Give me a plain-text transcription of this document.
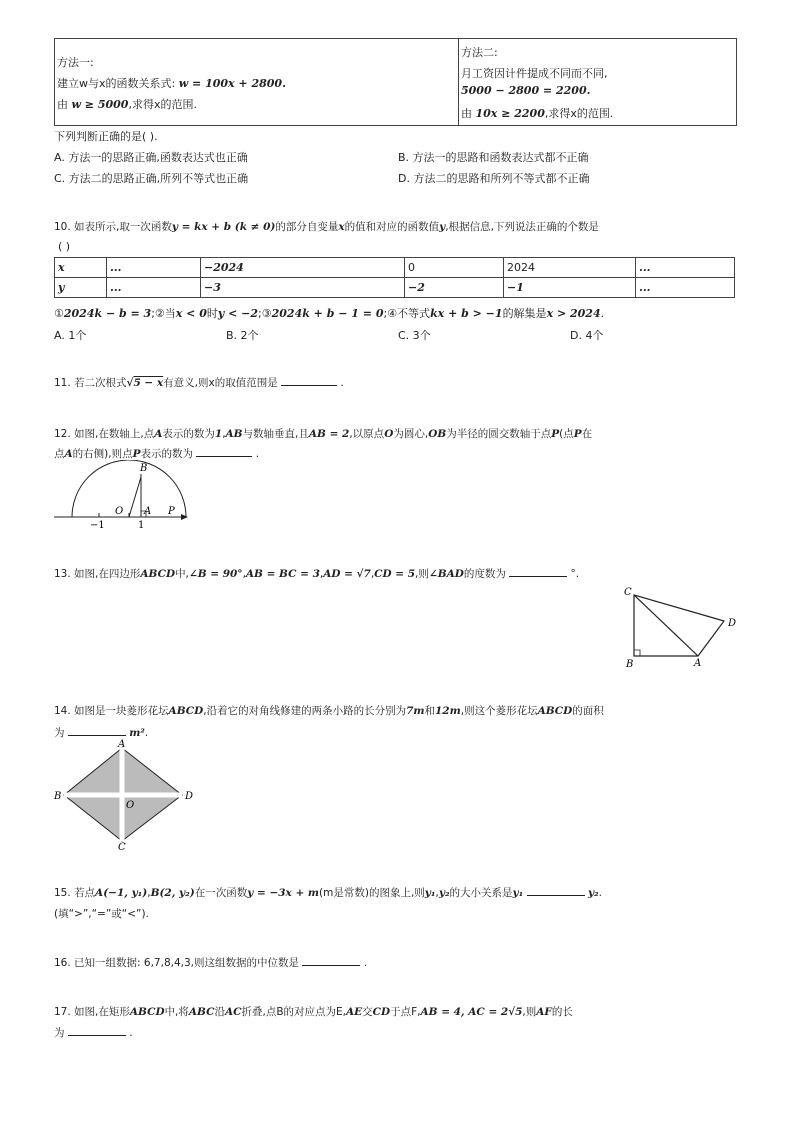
方法一:
建立w与x的函数关系式: w = 100x + 2800.
由 w ≥ 5000,求得x的范围.
方法二:
月工资因计件提成不同而不同,
5000 − 2800 = 2200.
由 10x ≥ 2200,求得x的范围.
下列判断正确的是( ).
A. 方法一的思路正确,函数表达式也正确	B. 方法一的思路和函数表达式都不正确
C. 方法二的思路正确,所列不等式也正确	D. 方法二的思路和所列不等式都不正确
10. 如表所示,取一次函数y = kx + b (k ≠ 0)的部分自变量x的值和对应的函数值y,根据信息,下列说法正确的个数是
( )
x	...	−2024	0	2024	...
y	...	−3	−2	−1	...
①2024k − b = 3;②当x < 0时y < −2;③2024k + b − 1 = 0;④不等式kx + b > −1的解集是x > 2024.
A. 1个	B. 2个	C. 3个	D. 4个
11. 若二次根式√5 − x有意义,则x的取值范围是	.
12. 如图,在数轴上,点A表示的数为1,AB与数轴垂直,且AB = 2,以原点O为圆心,OB为半径的圆交数轴于点P(点P在
点A的右侧),则点P表示的数为	.
B
O A P
−1	1
13. 如图,在四边形ABCD中,∠B = 90°,AB = BC = 3,AD = √7,CD = 5,则∠BAD的度数为	°.
C
D
B	A
14. 如图是一块菱形花坛ABCD,沿着它的对角线修建的两条小路的长分别为7m和12m,则这个菱形花坛ABCD的面积
为	m².
A
B	D
C
O
15. 若点A(−1, y₁),B(2, y₂)在一次函数y = −3x + m(m是常数)的图象上,则y₁,y₂的大小关系是y₁	y₂.
(填“>”,“=”或“<”).
16. 已知一组数据: 6,7,8,4,3,则这组数据的中位数是	.
17. 如图,在矩形ABCD中,将ABC沿AC折叠,点B的对应点为E,AE交CD于点F,AB = 4, AC = 2√5,则AF的长
为	.
